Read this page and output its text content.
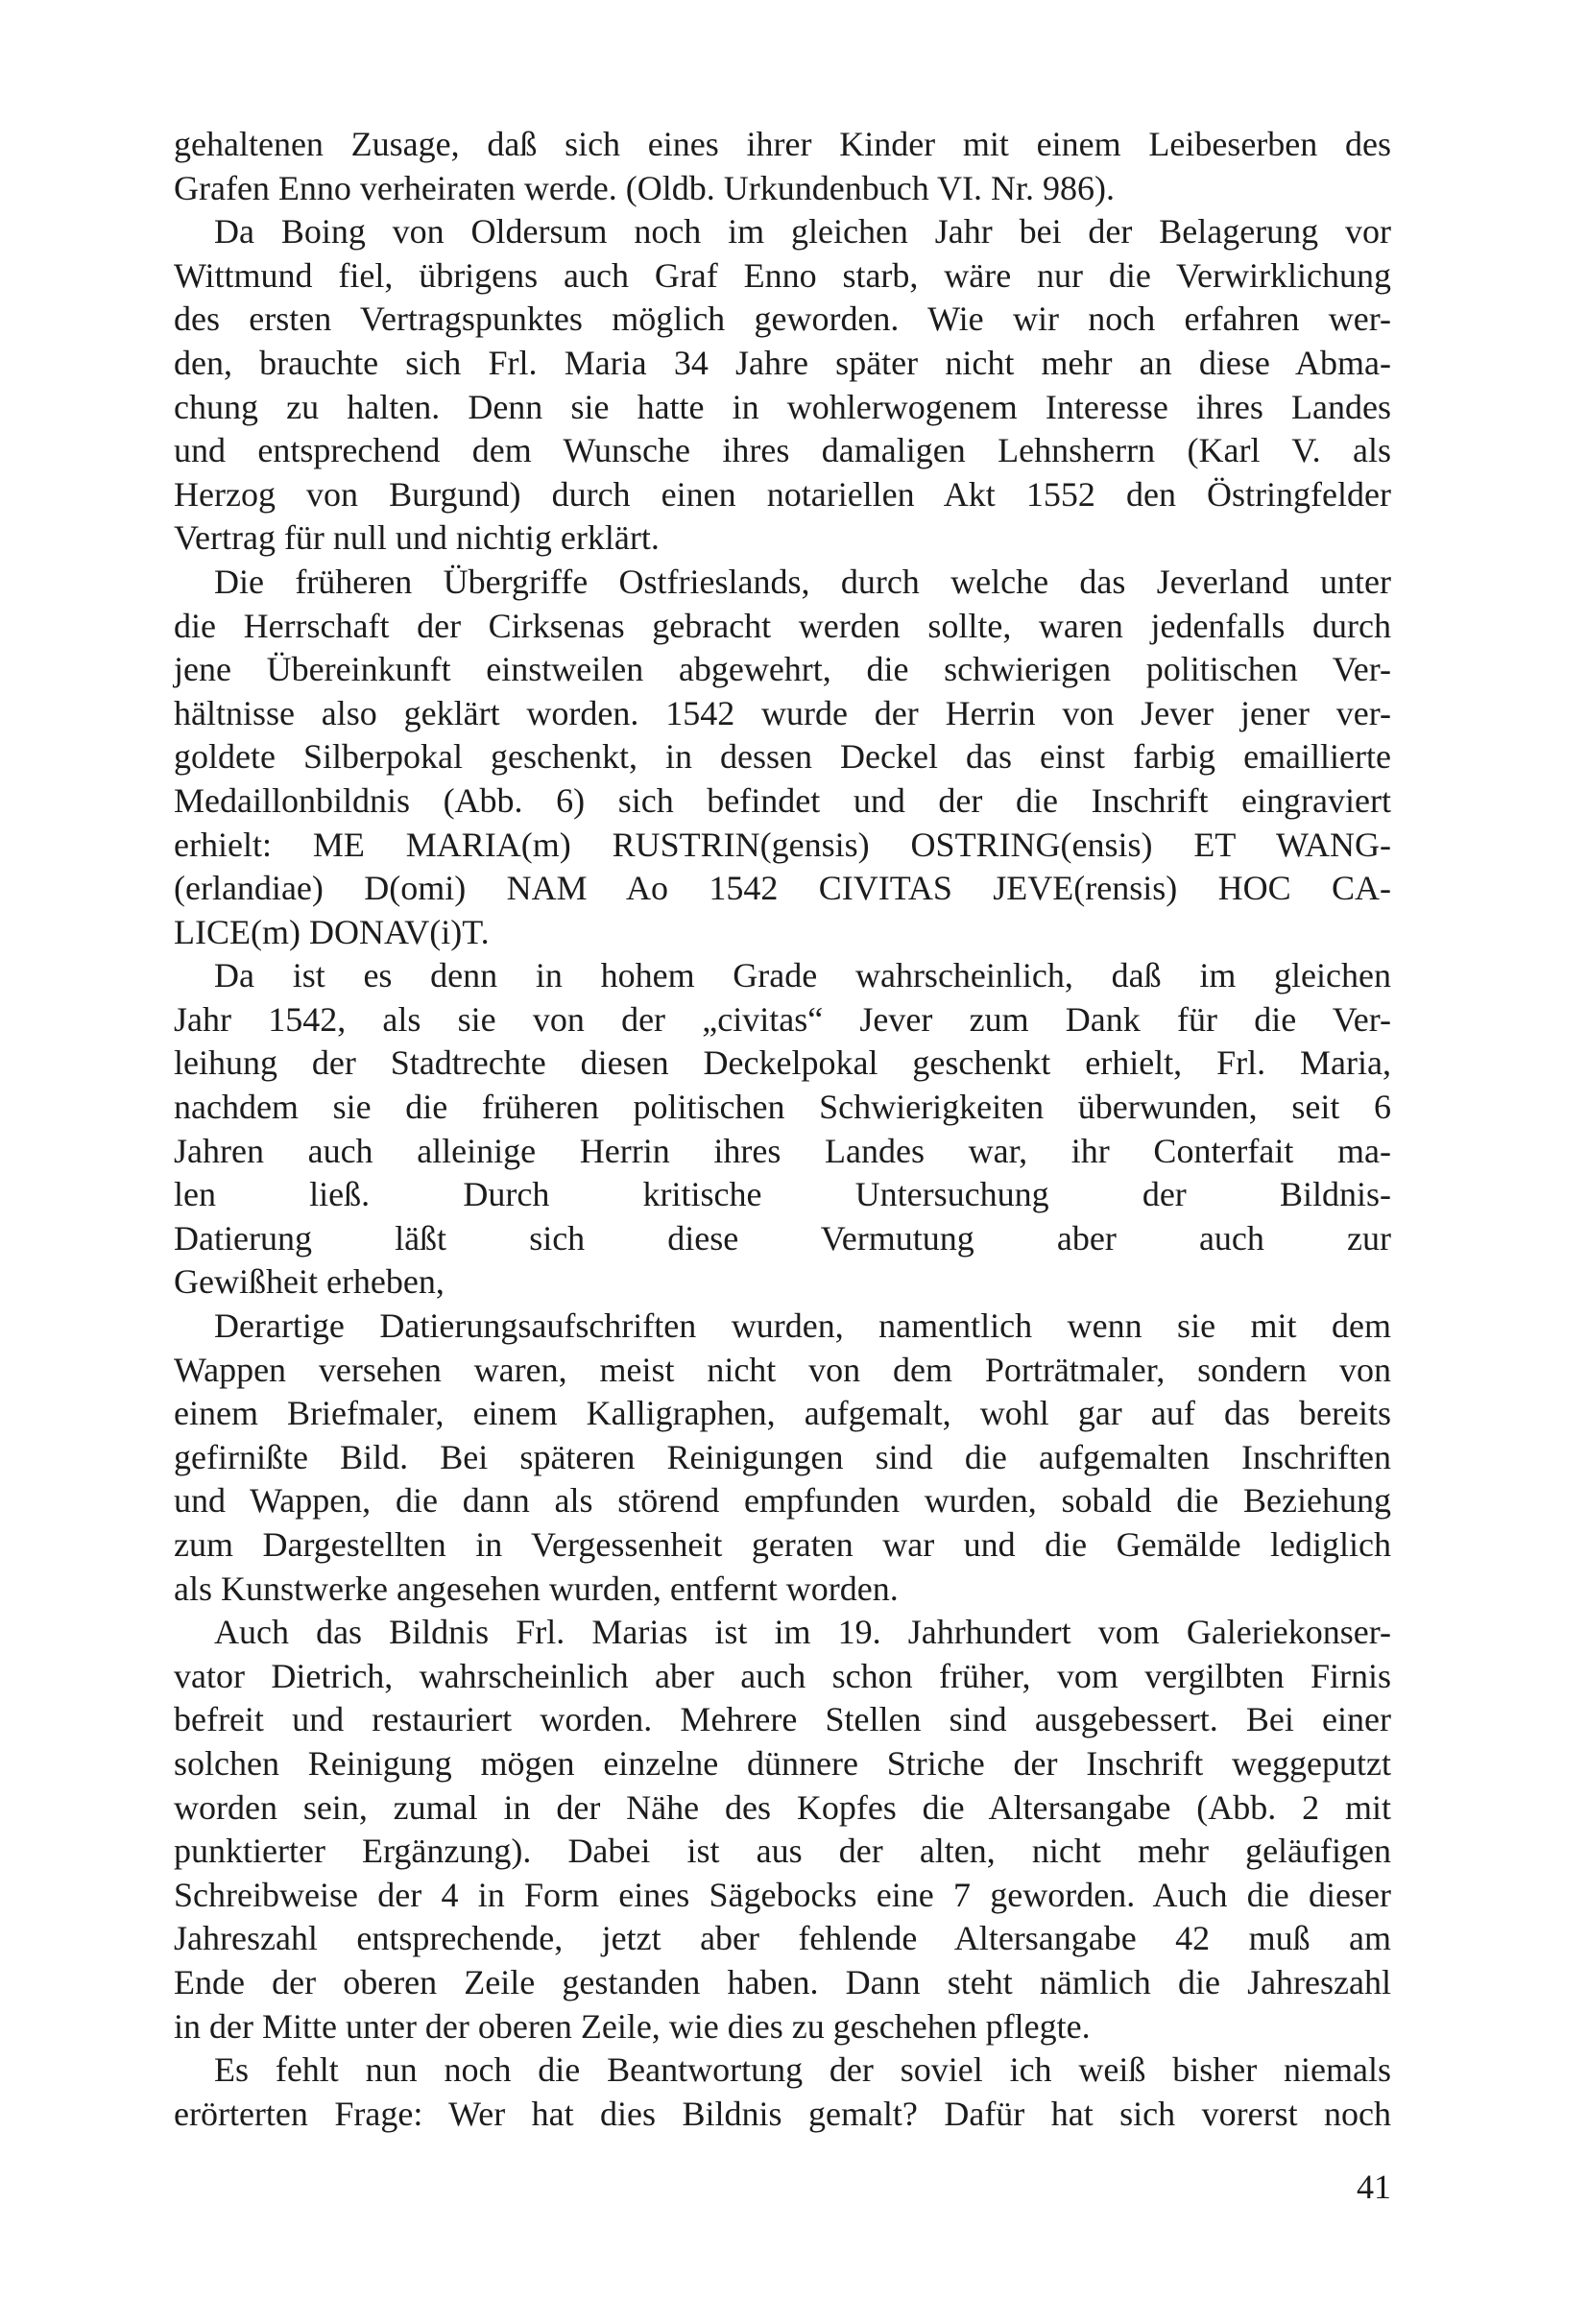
gehaltenen Zusage, daß sich eines ihrer Kinder mit einem Leibeserben des
Grafen Enno verheiraten werde. (Oldb. Urkundenbuch VI. Nr. 986).
Da Boing von Oldersum noch im gleichen Jahr bei der Belagerung vor
Wittmund fiel, übrigens auch Graf Enno starb, wäre nur die Verwirklichung
des ersten Vertragspunktes möglich geworden. Wie wir noch erfahren wer-
den, brauchte sich Frl. Maria 34 Jahre später nicht mehr an diese Abma-
chung zu halten. Denn sie hatte in wohlerwogenem Interesse ihres Landes
und entsprechend dem Wunsche ihres damaligen Lehnsherrn (Karl V. als
Herzog von Burgund) durch einen notariellen Akt 1552 den Östringfelder
Vertrag für null und nichtig erklärt.
Die früheren Übergriffe Ostfrieslands, durch welche das Jeverland unter
die Herrschaft der Cirksenas gebracht werden sollte, waren jedenfalls durch
jene Übereinkunft einstweilen abgewehrt, die schwierigen politischen Ver-
hältnisse also geklärt worden. 1542 wurde der Herrin von Jever jener ver-
goldete Silberpokal geschenkt, in dessen Deckel das einst farbig emaillierte
Medaillonbildnis (Abb. 6) sich befindet und der die Inschrift eingraviert
erhielt: ME MARIA(m) RUSTRIN(gensis) OSTRING(ensis) ET WANG-
(erlandiae) D(omi) NAM Ao 1542 CIVITAS JEVE(rensis) HOC CA-
LICE(m) DONAV(i)T.
Da ist es denn in hohem Grade wahrscheinlich, daß im gleichen
Jahr 1542, als sie von der „civitas“ Jever zum Dank für die Ver-
leihung der Stadtrechte diesen Deckelpokal geschenkt erhielt, Frl. Maria,
nachdem sie die früheren politischen Schwierigkeiten überwunden, seit 6
Jahren auch alleinige Herrin ihres Landes war, ihr Conterfait ma-
len ließ. Durch kritische Untersuchung der Bildnis-
Datierung läßt sich diese Vermutung aber auch zur
Gewißheit erheben,
Derartige Datierungsaufschriften wurden, namentlich wenn sie mit dem
Wappen versehen waren, meist nicht von dem Porträtmaler, sondern von
einem Briefmaler, einem Kalligraphen, aufgemalt, wohl gar auf das bereits
gefirnißte Bild. Bei späteren Reinigungen sind die aufgemalten Inschriften
und Wappen, die dann als störend empfunden wurden, sobald die Beziehung
zum Dargestellten in Vergessenheit geraten war und die Gemälde lediglich
als Kunstwerke angesehen wurden, entfernt worden.
Auch das Bildnis Frl. Marias ist im 19. Jahrhundert vom Galeriekonser-
vator Dietrich, wahrscheinlich aber auch schon früher, vom vergilbten Firnis
befreit und restauriert worden. Mehrere Stellen sind ausgebessert. Bei einer
solchen Reinigung mögen einzelne dünnere Striche der Inschrift weggeputzt
worden sein, zumal in der Nähe des Kopfes die Altersangabe (Abb. 2 mit
punktierter Ergänzung). Dabei ist aus der alten, nicht mehr geläufigen
Schreibweise der 4 in Form eines Sägebocks eine 7 geworden. Auch die dieser
Jahreszahl entsprechende, jetzt aber fehlende Altersangabe 42 muß am
Ende der oberen Zeile gestanden haben. Dann steht nämlich die Jahreszahl
in der Mitte unter der oberen Zeile, wie dies zu geschehen pflegte.
Es fehlt nun noch die Beantwortung der soviel ich weiß bisher niemals
erörterten Frage: Wer hat dies Bildnis gemalt? Dafür hat sich vorerst noch
41
